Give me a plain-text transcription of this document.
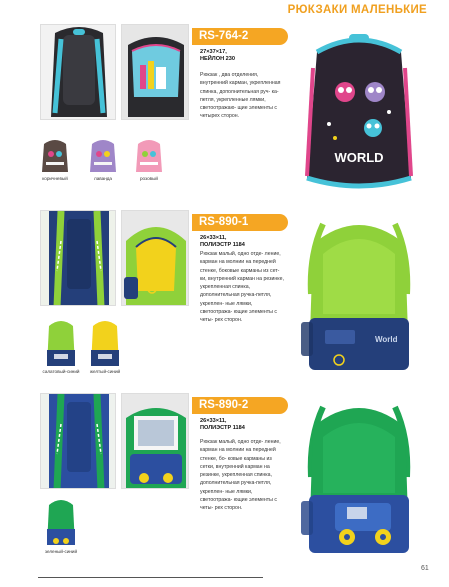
РЮКЗАКИ МАЛЕНЬКИЕ
коричневый	лаванда	розовый
RS-764-2
27×37×17,
НЕЙЛОН 230
Рюкзак , два отделения, внутренний карман, укрепленная спинка, дополнительная руч- ка-петля, укрепленные лямки, светоотражаю- щие элементы с четырех сторон.
WORLD
салатовый-синий	желтый-синий
RS-890-1
26×33×11,
ПОЛИЭСТР 1184
Рюкзак малый, одно отде- ление, карман на молнии на передней стенке, боковые карманы из сет- ки, внутренний карман на резинке, укрепленная спинка, дополнительная ручка-петля, укреплен- ные лямки, светоотража- ющие элементы с четы- рех сторон.
World
зеленый-синий
RS-890-2
26×33×11,
ПОЛИЭСТР 1184
Рюкзак малый, одно отде- ление, карман на молнии на передней стенке, бо- ковые карманы из сетки, внутренний карман на резинке, укрепленная спинка, дополнительная ручка-петля, укреплен- ные лямки, светоотража- ющие элементы с четы- рех сторон.
61
